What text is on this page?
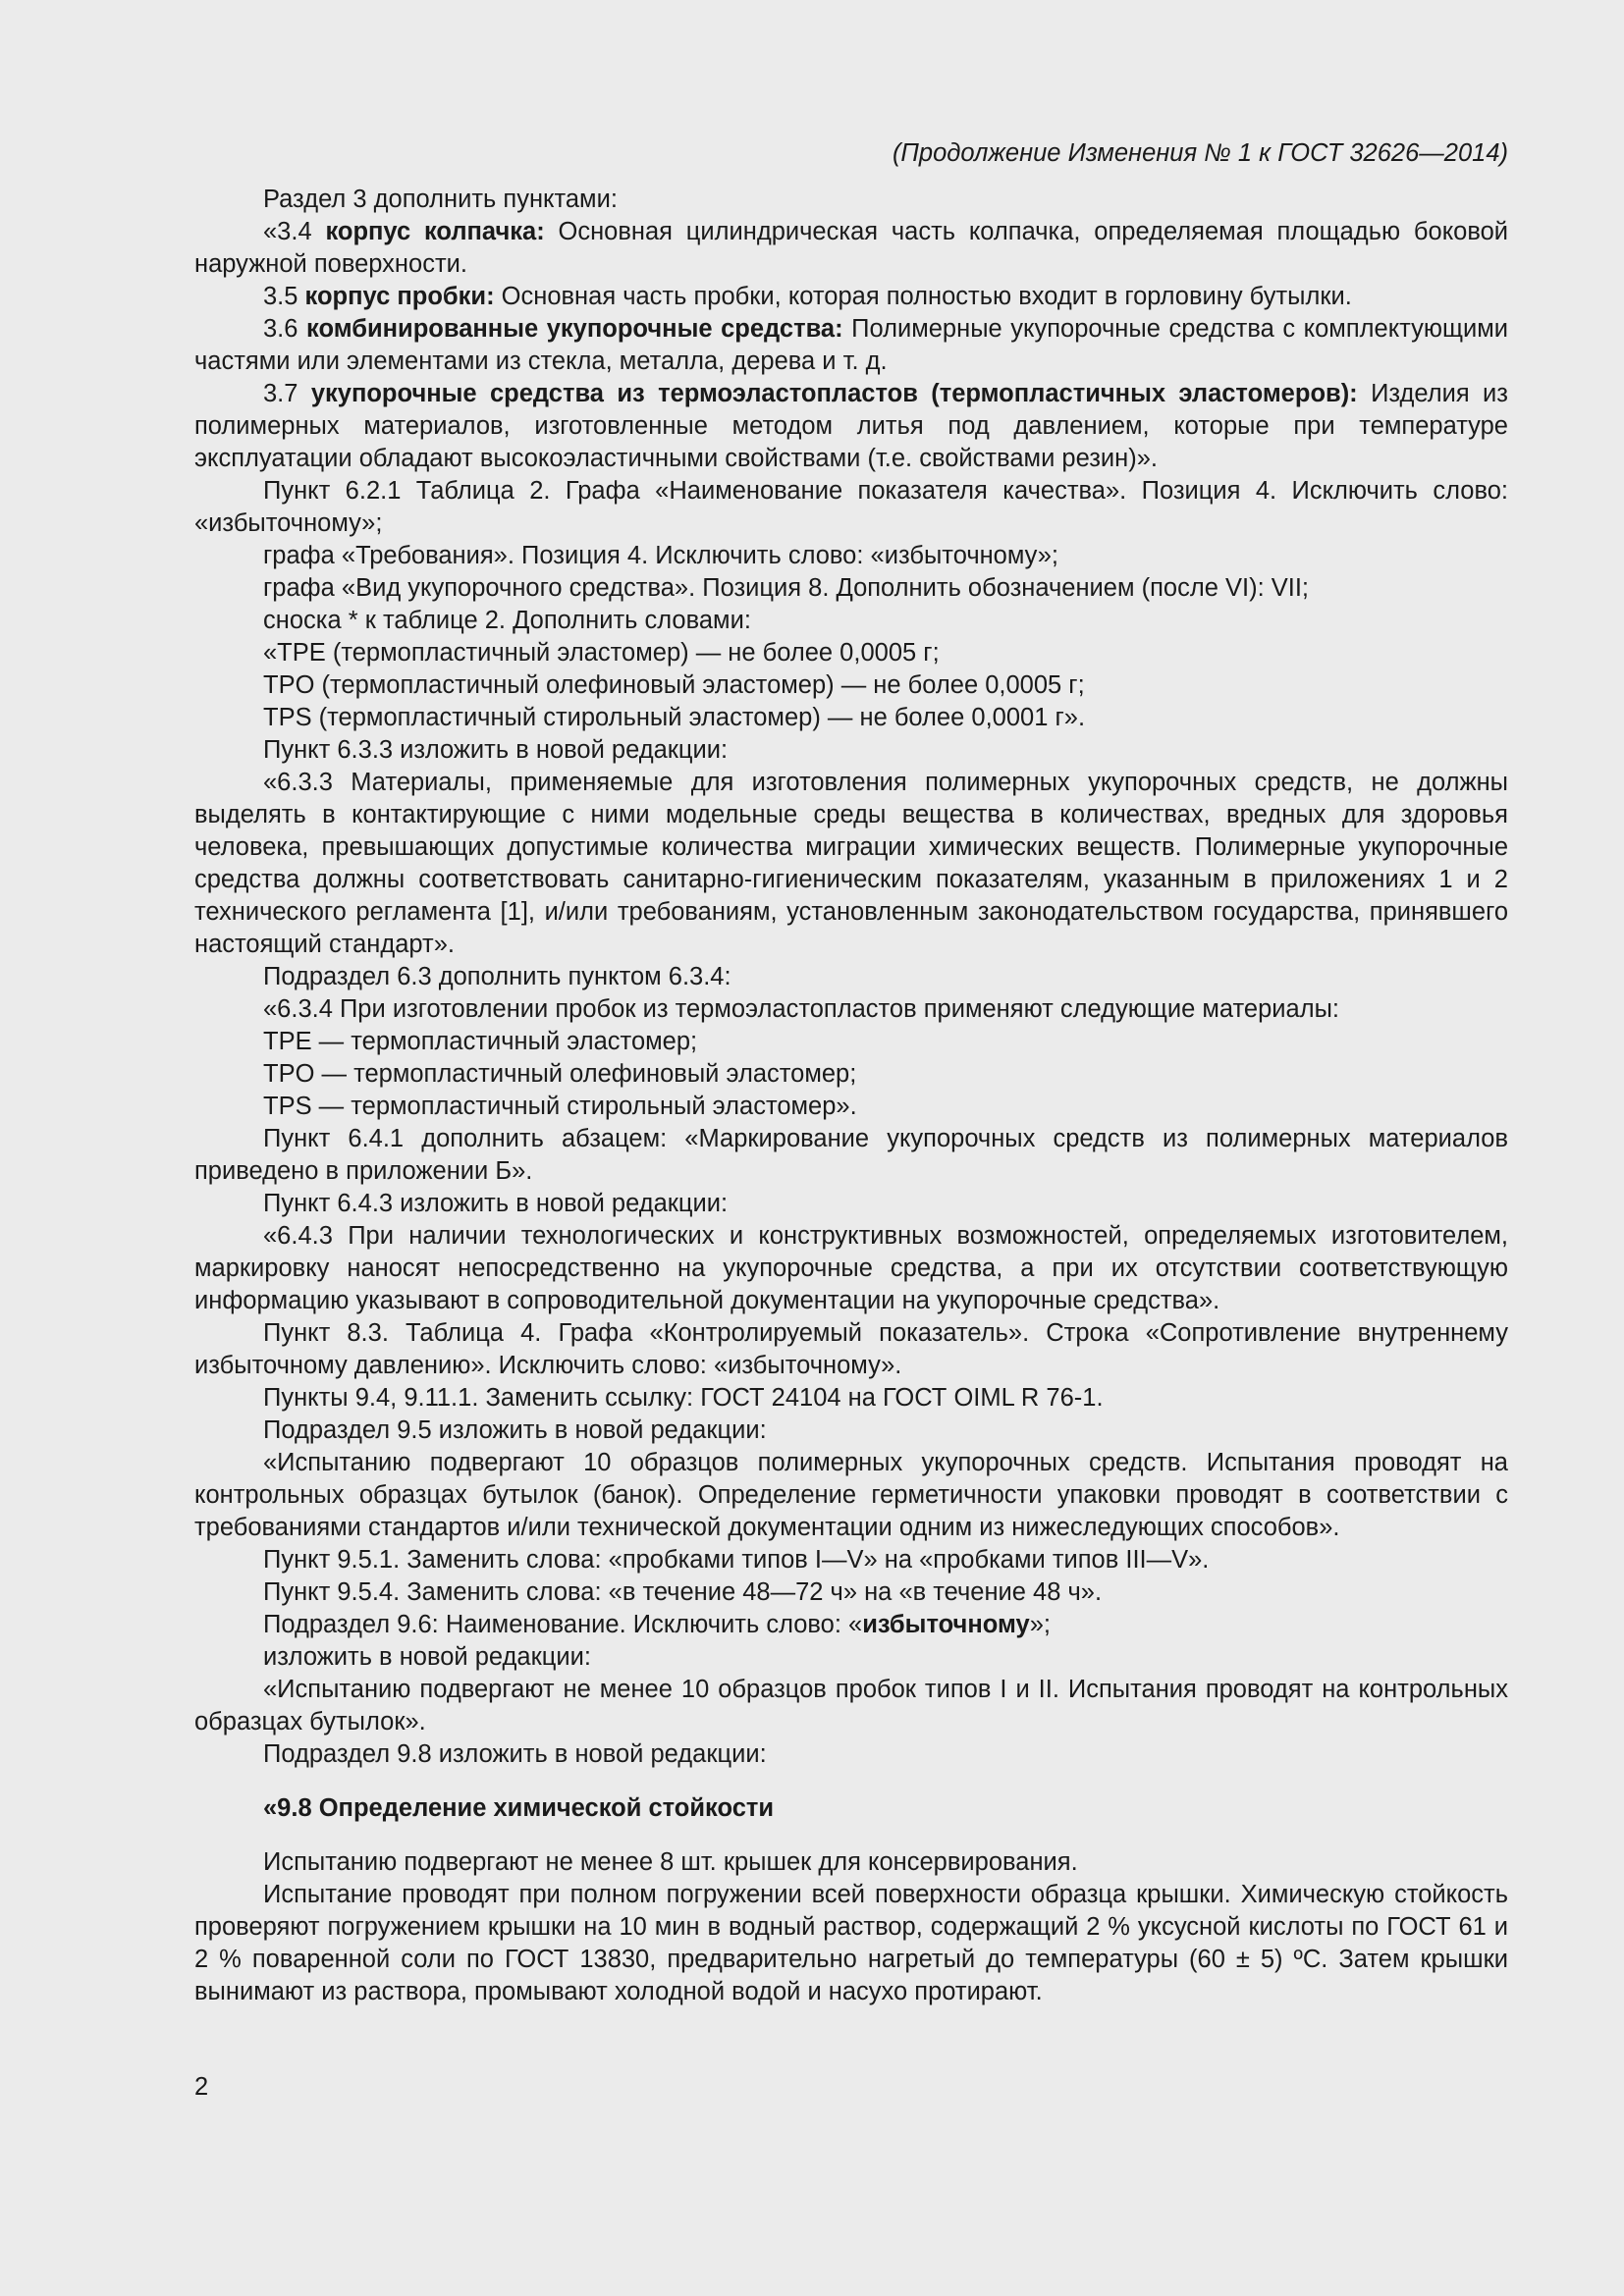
(Продолжение Изменения № 1 к ГОСТ 32626—2014)
Раздел 3 дополнить пунктами:
«3.4 корпус колпачка: Основная цилиндрическая часть колпачка, определяемая площадью боковой наружной поверхности.
3.5 корпус пробки: Основная часть пробки, которая полностью входит в горловину бутылки.
3.6 комбинированные укупорочные средства: Полимерные укупорочные средства с комплектующими частями или элементами из стекла, металла, дерева и т. д.
3.7 укупорочные средства из термоэластопластов (термопластичных эластомеров): Изделия из полимерных материалов, изготовленные методом литья под давлением, которые при температуре эксплуатации обладают высокоэластичными свойствами (т.е. свойствами резин)».
Пункт 6.2.1 Таблица 2. Графа «Наименование показателя качества». Позиция 4. Исключить слово: «избыточному»;
графа «Требования». Позиция 4. Исключить слово: «избыточному»;
графа «Вид укупорочного средства». Позиция 8. Дополнить обозначением (после VI): VII;
сноска * к таблице 2. Дополнить словами:
«TPE (термопластичный эластомер) — не более 0,0005 г;
TPO (термопластичный олефиновый эластомер) — не более 0,0005 г;
TPS (термопластичный стирольный эластомер) — не более 0,0001 г».
Пункт 6.3.3 изложить в новой редакции:
«6.3.3 Материалы, применяемые для изготовления полимерных укупорочных средств, не должны выделять в контактирующие с ними модельные среды вещества в количествах, вредных для здоровья человека, превышающих допустимые количества миграции химических веществ. Полимерные укупорочные средства должны соответствовать санитарно-гигиеническим показателям, указанным в приложениях 1 и 2 технического регламента [1], и/или требованиям, установленным законодательством государства, принявшего настоящий стандарт».
Подраздел 6.3 дополнить пунктом 6.3.4:
«6.3.4 При изготовлении пробок из термоэластопластов применяют следующие материалы:
TPE — термопластичный эластомер;
TPO — термопластичный олефиновый эластомер;
TPS — термопластичный стирольный эластомер».
Пункт 6.4.1 дополнить абзацем: «Маркирование укупорочных средств из полимерных материалов приведено в приложении Б».
Пункт 6.4.3 изложить в новой редакции:
«6.4.3 При наличии технологических и конструктивных возможностей, определяемых изготовителем, маркировку наносят непосредственно на укупорочные средства, а при их отсутствии соответствующую информацию указывают в сопроводительной документации на укупорочные средства».
Пункт 8.3. Таблица 4. Графа «Контролируемый показатель». Строка «Сопротивление внутреннему избыточному давлению». Исключить слово: «избыточному».
Пункты 9.4, 9.11.1. Заменить ссылку: ГОСТ 24104 на ГОСТ OIML R 76-1.
Подраздел 9.5 изложить в новой редакции:
«Испытанию подвергают 10 образцов полимерных укупорочных средств. Испытания проводят на контрольных образцах бутылок (банок). Определение герметичности упаковки проводят в соответствии с требованиями стандартов и/или технической документации одним из нижеследующих способов».
Пункт 9.5.1. Заменить слова: «пробками типов I—V» на «пробками типов III—V».
Пункт 9.5.4. Заменить слова: «в течение 48—72 ч» на «в течение 48 ч».
Подраздел 9.6: Наименование. Исключить слово: «избыточному»;
изложить в новой редакции:
«Испытанию подвергают не менее 10 образцов пробок типов I и II. Испытания проводят на контрольных образцах бутылок».
Подраздел 9.8 изложить в новой редакции:
«9.8 Определение химической стойкости
Испытанию подвергают не менее 8 шт. крышек для консервирования.
Испытание проводят при полном погружении всей поверхности образца крышки. Химическую стойкость проверяют погружением крышки на 10 мин в водный раствор, содержащий 2 % уксусной кислоты по ГОСТ 61 и 2 % поваренной соли по ГОСТ 13830, предварительно нагретый до температуры (60 ± 5) ºС. Затем крышки вынимают из раствора, промывают холодной водой и насухо протирают.
2
